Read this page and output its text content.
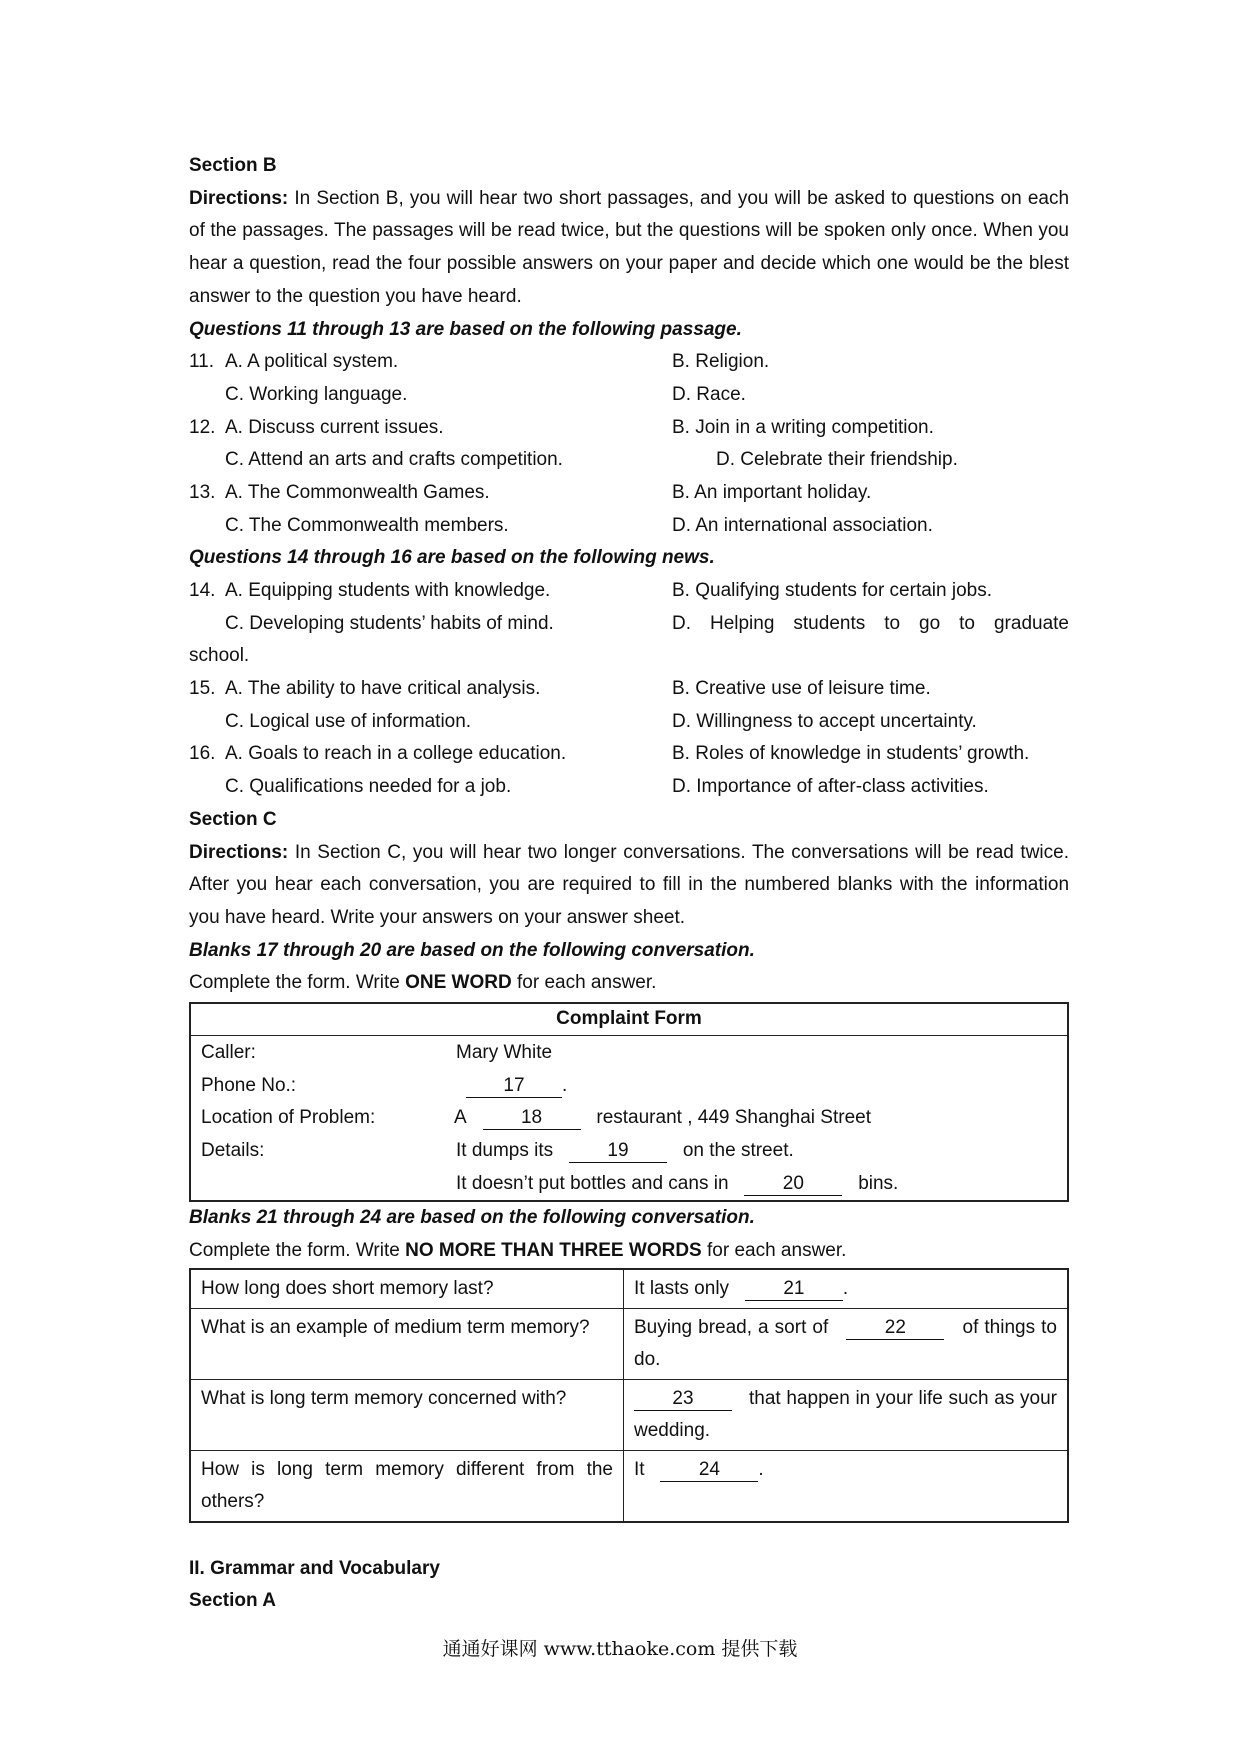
Section B
Directions: In Section B, you will hear two short passages, and you will be asked to questions on each of the passages. The passages will be read twice, but the questions will be spoken only once. When you hear a question, read the four possible answers on your paper and decide which one would be the blest answer to the question you have heard.
Questions 11 through 13 are based on the following passage.
11. A. A political system.	B. Religion.
C. Working language.	D. Race.
12. A. Discuss current issues.	B. Join in a writing competition.
C. Attend an arts and crafts competition.	D. Celebrate their friendship.
13. A. The Commonwealth Games.	B. An important holiday.
C. The Commonwealth members.	D. An international association.
Questions 14 through 16 are based on the following news.
14. A. Equipping students with knowledge.	B. Qualifying students for certain jobs.
C. Developing students’ habits of mind.	D. Helping students to go to graduate
school.
15. A. The ability to have critical analysis.	B. Creative use of leisure time.
C. Logical use of information.	D. Willingness to accept uncertainty.
16. A. Goals to reach in a college education.	B. Roles of knowledge in students’ growth.
C. Qualifications needed for a job.	D. Importance of after-class activities.
Section C
Directions: In Section C, you will hear two longer conversations. The conversations will be read twice. After you hear each conversation, you are required to fill in the numbered blanks with the information you have heard. Write your answers on your answer sheet.
Blanks 17 through 20 are based on the following conversation.
Complete the form. Write ONE WORD for each answer.
Complaint Form

Caller:	Mary White
Phone No.:	17 .
Location of Problem:	A	18	restaurant , 449 Shanghai Street
Details:	It dumps its	19	on the street.
It doesn’t put bottles and cans in	20	bins.
Blanks 21 through 24 are based on the following conversation.
Complete the form. Write NO MORE THAN THREE WORDS for each answer.
How long does short memory last?	It lasts only 21 .
What is an example of medium term memory?	Buying bread, a sort of 22 of things to do.
What is long term memory concerned with?	23 that happen in your life such as your wedding.
How is long term memory different from the others?	It 24 .
II. Grammar and Vocabulary
Section A
通通好课网 www.tthaoke.com 提供下载
